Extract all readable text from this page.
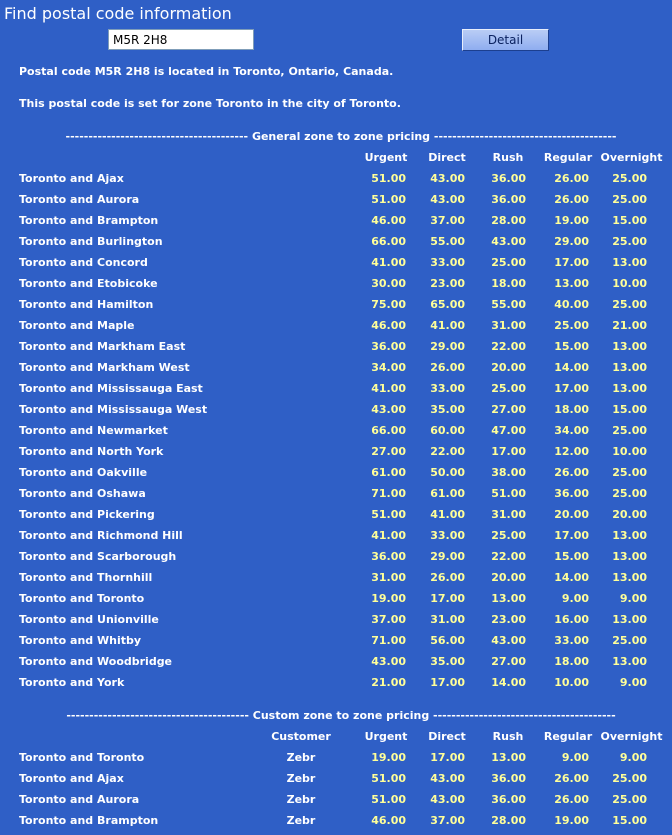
Find postal code information
M5R 2H8
Detail
Postal code M5R 2H8 is located in Toronto, Ontario, Canada.
This postal code is set for zone Toronto in the city of Toronto.
---------------------------------------- General zone to zone pricing ----------------------------------------
Urgent	Direct	Rush	Regular Overnight
Toronto and Ajax	51.00	43.00 36.00	26.00	25.00
Toronto and Aurora	51.00	43.00 36.00	26.00	25.00
Toronto and Brampton	46.00	37.00 28.00	19.00	15.00
Toronto and Burlington	66.00	55.00 43.00	29.00	25.00
Toronto and Concord	41.00	33.00 25.00	17.00	13.00
Toronto and Etobicoke	30.00	23.00 18.00	13.00	10.00
Toronto and Hamilton	75.00	65.00 55.00	40.00	25.00
Toronto and Maple	46.00	41.00 31.00	25.00	21.00
Toronto and Markham East	36.00	29.00 22.00	15.00	13.00
Toronto and Markham West	34.00	26.00 20.00	14.00	13.00
Toronto and Mississauga East	41.00	33.00 25.00	17.00	13.00
Toronto and Mississauga West	43.00	35.00 27.00	18.00	15.00
Toronto and Newmarket	66.00	60.00 47.00	34.00	25.00
Toronto and North York	27.00	22.00 17.00	12.00	10.00
Toronto and Oakville	61.00	50.00 38.00	26.00	25.00
Toronto and Oshawa	71.00	61.00 51.00	36.00	25.00
Toronto and Pickering	51.00	41.00 31.00	20.00	20.00
Toronto and Richmond Hill	41.00	33.00 25.00	17.00	13.00
Toronto and Scarborough	36.00	29.00 22.00	15.00	13.00
Toronto and Thornhill	31.00	26.00 20.00	14.00	13.00
Toronto and Toronto	19.00	17.00 13.00	9.00	9.00
Toronto and Unionville	37.00	31.00 23.00	16.00	13.00
Toronto and Whitby	71.00	56.00 43.00	33.00	25.00
Toronto and Woodbridge	43.00	35.00 27.00	18.00	13.00
Toronto and York	21.00	17.00 14.00	10.00	9.00
---------------------------------------- Custom zone to zone pricing ----------------------------------------
Customer	Urgent	Direct	Rush	Regular Overnight
Toronto and Toronto	Zebr	19.00	17.00 13.00	9.00	9.00
Toronto and Ajax	Zebr	51.00	43.00 36.00	26.00	25.00
Toronto and Aurora	Zebr	51.00	43.00 36.00	26.00	25.00
Toronto and Brampton	Zebr	46.00	37.00 28.00	19.00	15.00
